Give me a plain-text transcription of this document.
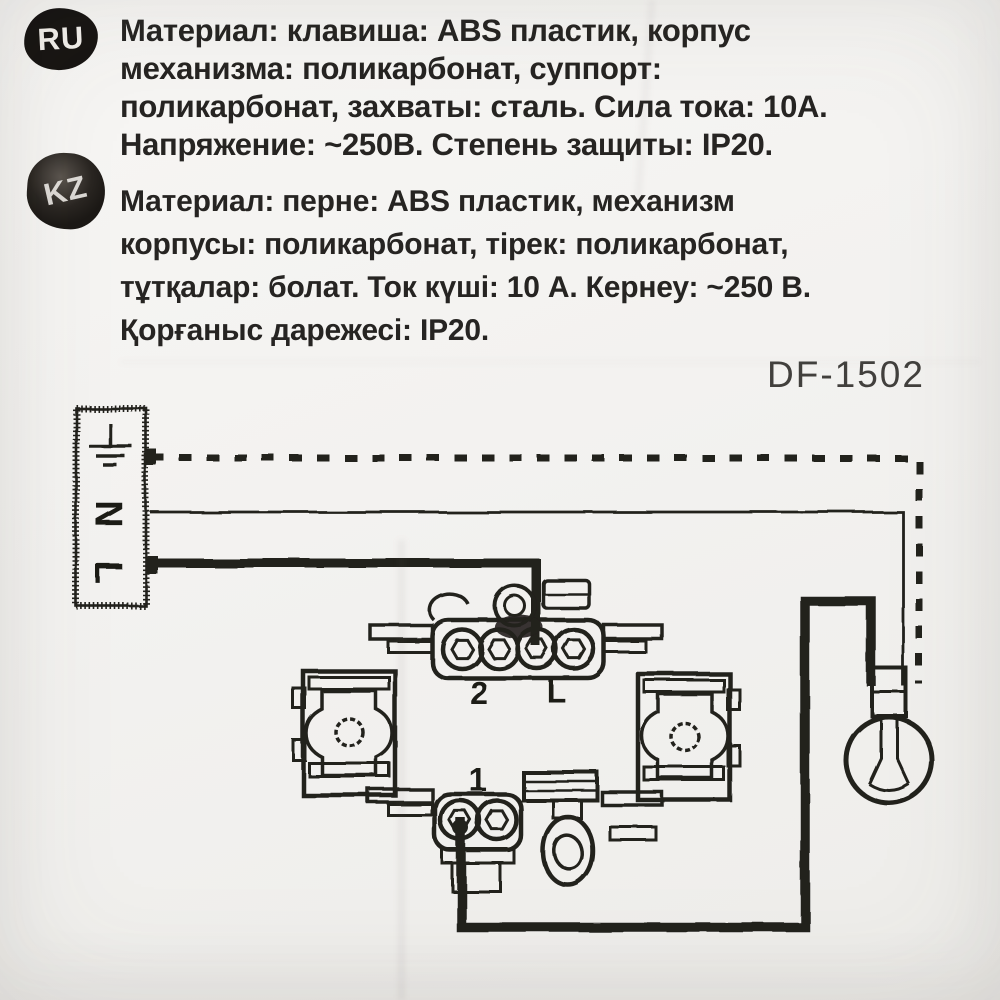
RU
KZ
Материал: клавиша: ABS пластик, корпус
механизма: поликарбонат, суппорт:
поликарбонат, захваты: сталь. Сила тока: 10А.
Напряжение: ~250В. Степень защиты: IP20.
Материал: перне: ABS пластик, механизм
корпусы: поликарбонат, тірек: поликарбонат,
тұтқалар: болат. Ток күші: 10 А. Кернеу: ~250 В.
Қорғаныс дарежесі: IP20.
DF-1502
N
L
2 L
1
